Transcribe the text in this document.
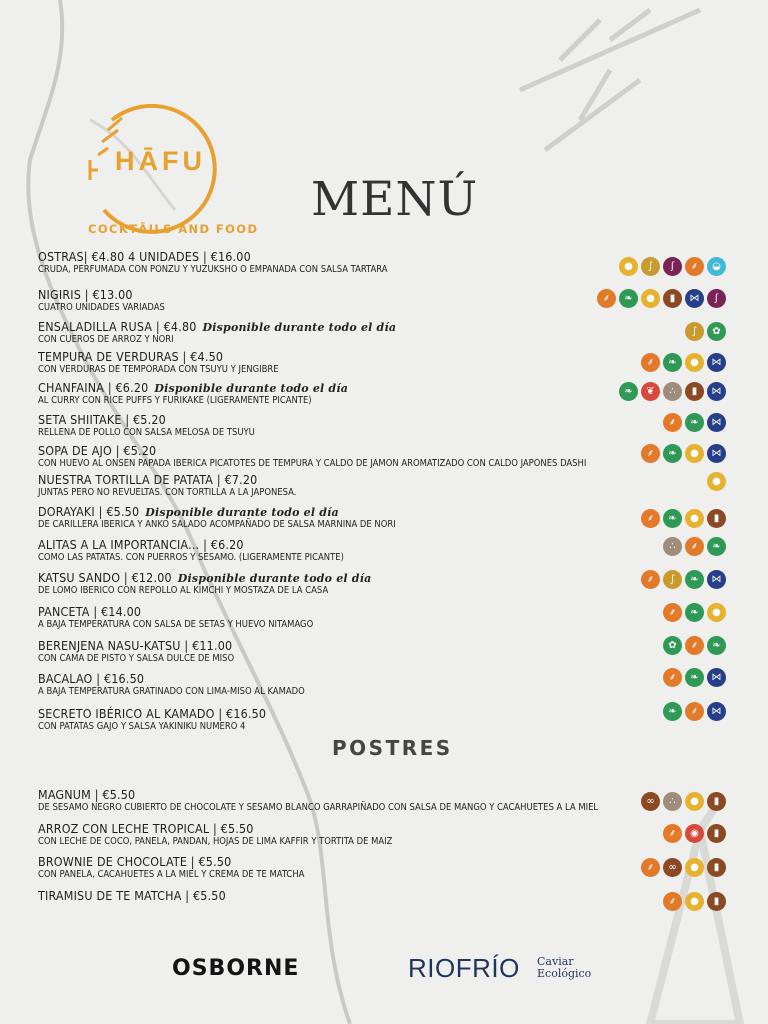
HĀFU
COCKTĀILS ĀND FOOD
MENÚ
OSTRAS| €4.80 4 UNIDADES | €16.00
CRUDA, PERFUMADA CON PONZU Y YUZUKSHO O EMPANADA CON SALSA TARTARA	●	∫	ʃ	⸙	◒
NIGIRIS | €13.00
CUATRO UNIDADES VARIADAS
⸙	❧	●	▮	⋈	ʃ
ENSALADILLA RUSA | €4.80 Disponible durante todo el día
CON CUEROS DE ARROZ Y NORI
∫	✿
TEMPURA DE VERDURAS | €4.50
CON VERDURAS DE TEMPORADA CON TSUYU Y JENGIBRE
⸙	❧	●	⋈
CHANFAINA | €6.20 Disponible durante todo el día
AL CURRY CON RICE PUFFS Y FURIKAKE (LIGERAMENTE PICANTE)
❧	❦	∴	▮	⋈
SETA SHIITAKE | €5.20
RELLENA DE POLLO CON SALSA MELOSA DE TSUYU
⸙	❧	⋈
SOPA DE AJO | €5.20
CON HUEVO AL ONSEN PAPADA IBERICA PICATOTES DE TEMPURA Y CALDO DE JAMON AROMATIZADO CON CALDO JAPONES DASHI
⸙	❧	●	⋈
NUESTRA TORTILLA DE PATATA | €7.20
JUNTAS PERO NO REVUELTAS. CON TORTILLA A LA JAPONESA.
●
DORAYAKI | €5.50 Disponible durante todo el día
DE CARILLERA IBERICA Y ANKO SALADO ACOMPAÑADO DE SALSA MARNINA DE NORI
⸙	❧	●	▮
ALITAS A LA IMPORTANCIA... | €6.20
COMO LAS PATATAS. CON PUERROS Y SESAMO. (LIGERAMENTE PICANTE)
∴	⸙	❧
KATSU SANDO | €12.00 Disponible durante todo el día
DE LOMO IBERICO CON REPOLLO AL KIMCHI Y MOSTAZA DE LA CASA
⸙	∫	❧	⋈
PANCETA | €14.00
A BAJA TEMPERATURA CON SALSA DE SETAS Y HUEVO NITAMAGO
⸙	❧	●
BERENJENA NASU-KATSU | €11.00
CON CAMA DE PISTO Y SALSA DULCE DE MISO
✿	⸙	❧
BACALAO | €16.50
A BAJA TEMPERATURA GRATINADO CON LIMA-MISO AL KAMADO
⸙	❧	⋈
SECRETO IBÉRICO AL KAMADO | €16.50
CON PATATAS GAJO Y SALSA YAKINIKU NUMERO 4
❧	⸙	⋈
POSTRES
MAGNUM | €5.50
DE SESAMO NEGRO CUBIERTO DE CHOCOLATE Y SESAMO BLANCO GARRAPIÑADO CON SALSA DE MANGO Y CACAHUETES A LA MIEL
∞	∴	●	▮
ARROZ CON LECHE TROPICAL | €5.50
CON LECHE DE COCO, PANELA, PANDAN, HOJAS DE LIMA KAFFIR Y TORTITA DE MAIZ
⸙	◉	▮
BROWNIE DE CHOCOLATE | €5.50
CON PANELA, CACAHUETES A LA MIEL Y CREMA DE TE MATCHA
⸙	∞	●	▮
TIRAMISU DE TE MATCHA | €5.50	⸙	●	▮
OSBORNE	RIOFRÍO Caviar
Ecológico
